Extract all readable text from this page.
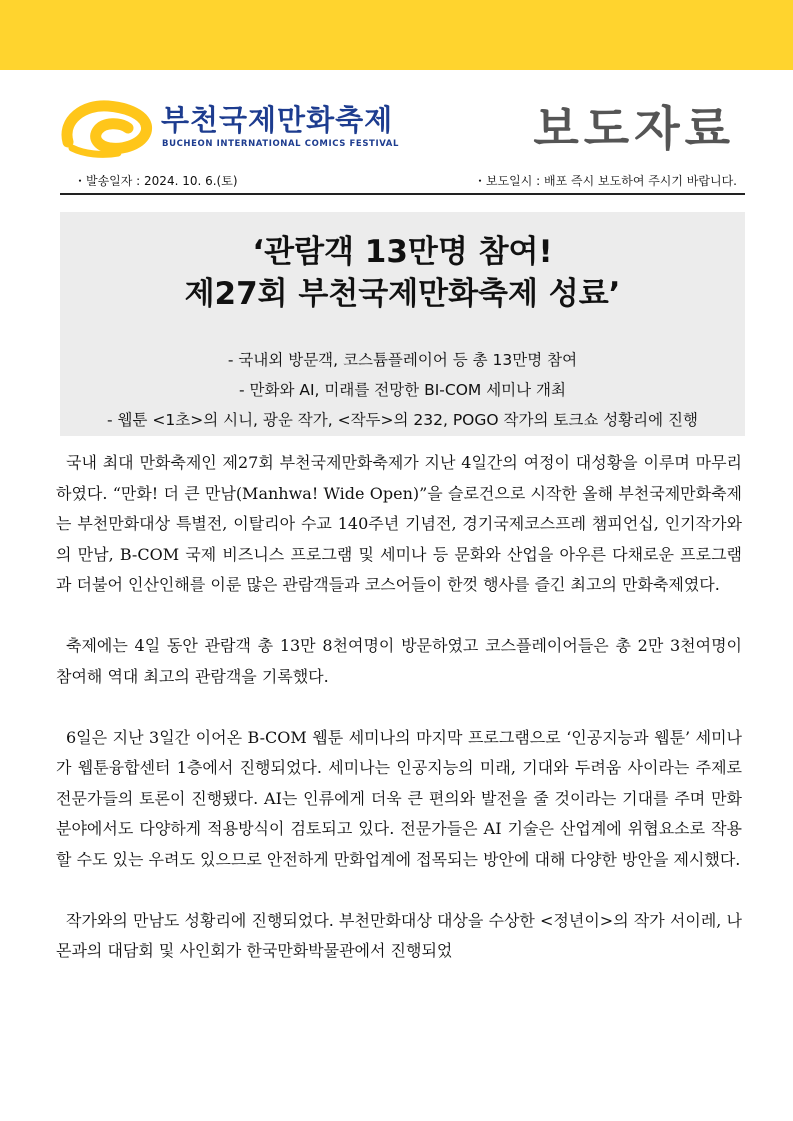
부천국제만화축제
BUCHEON INTERNATIONAL COMICS FESTIVAL	보도자료
・발송일자 : 2024. 10. 6.(토)	・보도일시 : 배포 즉시 보도하여 주시기 바랍니다.
‘관람객 13만명 참여!
제27회 부천국제만화축제 성료’
- 국내외 방문객, 코스튬플레이어 등 총 13만명 참여
- 만화와 AI, 미래를 전망한 BI-COM 세미나 개최
- 웹툰 <1초>의 시니, 광운 작가, <작두>의 232, POGO 작가의 토크쇼 성황리에 진행

국내 최대 만화축제인 제27회 부천국제만화축제가 지난 4일간의 여정이 대성황을 이루며 마무리하였다. “만화! 더 큰 만남(Manhwa! Wide Open)”을 슬로건으로 시작한 올해 부천국제만화축제는 부천만화대상 특별전, 이탈리아 수교 140주년 기념전, 경기국제코스프레 챔피언십, 인기작가와의 만남, B-COM 국제 비즈니스 프로그램 및 세미나 등 문화와 산업을 아우른 다채로운 프로그램과 더불어 인산인해를 이룬 많은 관람객들과 코스어들이 한껏 행사를 즐긴 최고의 만화축제였다.

축제에는 4일 동안 관람객 총 13만 8천여명이 방문하였고 코스플레이어들은 총 2만 3천여명이 참여해 역대 최고의 관람객을 기록했다.

6일은 지난 3일간 이어온 B-COM 웹툰 세미나의 마지막 프로그램으로 ‘인공지능과 웹툰’ 세미나가 웹툰융합센터 1층에서 진행되었다. 세미나는 인공지능의 미래, 기대와 두려움 사이라는 주제로 전문가들의 토론이 진행됐다. AI는 인류에게 더욱 큰 편의와 발전을 줄 것이라는 기대를 주며 만화분야에서도 다양하게 적용방식이 검토되고 있다. 전문가들은 AI 기술은 산업계에 위협요소로 작용할 수도 있는 우려도 있으므로 안전하게 만화업계에 접목되는 방안에 대해 다양한 방안을 제시했다.

작가와의 만남도 성황리에 진행되었다. 부천만화대상 대상을 수상한 <정년이>의 작가 서이레, 나몬과의 대담회 및 사인회가 한국만화박물관에서 진행되었
